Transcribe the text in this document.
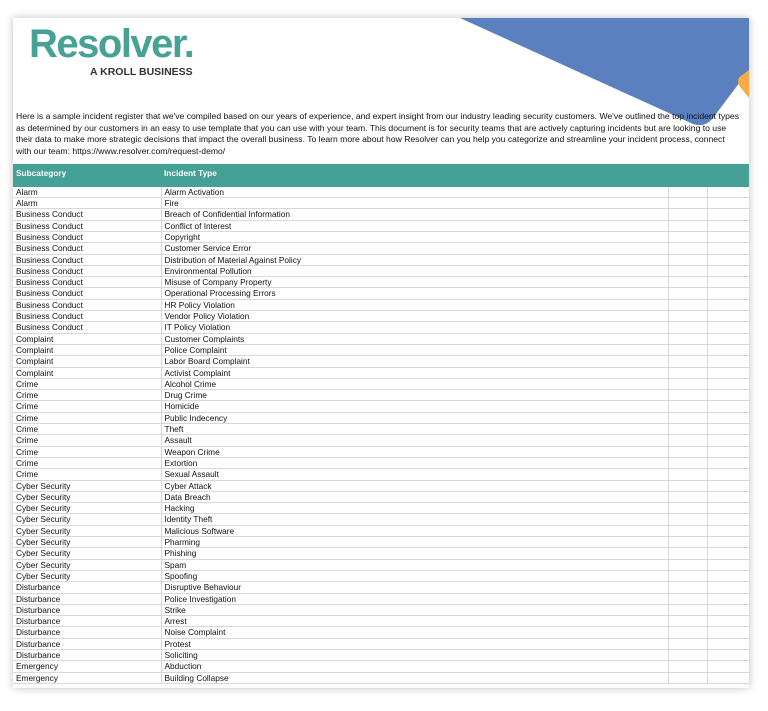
Resolver.
A KROLL BUSINESS
Here is a sample incident register that we've compiled based on our years of experience, and expert insight from our industry leading security customers. We've outlined the top incident types as determined by our customers in an easy to use template that you can use with your team. This document is for security teams that are actively capturing incidents but are looking to use their data to make more strategic decisions that impact the overall business. To learn more about how Resolver can you help you categorize and streamline your incident process, connect with our team: https://www.resolver.com/request-demo/
Subcategory	Incident Type
Alarm	Alarm Activation		
Alarm	Fire		
Business Conduct	Breach of Confidential Information		
Business Conduct	Conflict of Interest		
Business Conduct	Copyright		
Business Conduct	Customer Service Error		
Business Conduct	Distribution of Material Against Policy		
Business Conduct	Environmental Pollution		
Business Conduct	Misuse of Company Property		
Business Conduct	Operational Processing Errors		
Business Conduct	HR Policy Violation		
Business Conduct	Vendor Policy Violation		
Business Conduct	IT Policy Violation		
Complaint	Customer Complaints		
Complaint	Police Complaint		
Complaint	Labor Board Complaint		
Complaint	Activist Complaint		
Crime	Alcohol Crime		
Crime	Drug Crime		
Crime	Homicide		
Crime	Public Indecency		
Crime	Theft		
Crime	Assault		
Crime	Weapon Crime		
Crime	Extortion		
Crime	Sexual Assault		
Cyber Security	Cyber Attack		
Cyber Security	Data Breach		
Cyber Security	Hacking		
Cyber Security	Identity Theft		
Cyber Security	Malicious Software		
Cyber Security	Pharming		
Cyber Security	Phishing		
Cyber Security	Spam		
Cyber Security	Spoofing		
Disturbance	Disruptive Behaviour		
Disturbance	Police Investigation		
Disturbance	Strike		
Disturbance	Arrest		
Disturbance	Noise Complaint		
Disturbance	Protest		
Disturbance	Soliciting		
Emergency	Abduction		
Emergency	Building Collapse		
